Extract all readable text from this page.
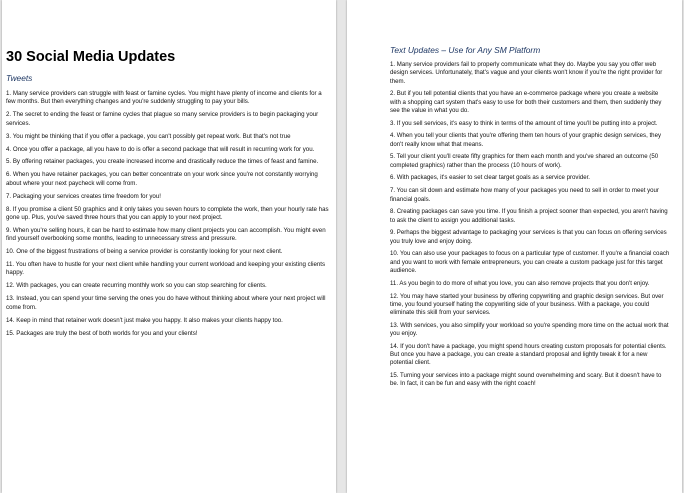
30 Social Media Updates
Tweets

1. Many service providers can struggle with feast or famine cycles. You might have plenty of income and clients for a few months. But then everything changes and you're suddenly struggling to pay your bills.

2. The secret to ending the feast or famine cycles that plague so many service providers is to begin packaging your services.

3. You might be thinking that if you offer a package, you can't possibly get repeat work. But that's not true

4. Once you offer a package, all you have to do is offer a second package that will result in recurring work for you.

5. By offering retainer packages, you create increased income and drastically reduce the times of feast and famine.

6. When you have retainer packages, you can better concentrate on your work since you're not constantly worrying about where your next paycheck will come from.

7. Packaging your services creates time freedom for you!

8. If you promise a client 50 graphics and it only takes you seven hours to complete the work, then your hourly rate has gone up. Plus, you've saved three hours that you can apply to your next project.

9. When you're selling hours, it can be hard to estimate how many client projects you can accomplish. You might even find yourself overbooking some months, leading to unnecessary stress and pressure.

10. One of the biggest frustrations of being a service provider is constantly looking for your next client.

11. You often have to hustle for your next client while handling your current workload and keeping your existing clients happy.

12. With packages, you can create recurring monthly work so you can stop searching for clients.

13. Instead, you can spend your time serving the ones you do have without thinking about where your next project will come from.

14. Keep in mind that retainer work doesn't just make you happy. It also makes your clients happy too.

15. Packages are truly the best of both worlds for you and your clients!

Text Updates – Use for Any SM Platform

1. Many service providers fail to properly communicate what they do. Maybe you say you offer web design services. Unfortunately, that's vague and your clients won't know if you're the right provider for them.

2. But if you tell potential clients that you have an e-commerce package where you create a website with a shopping cart system that's easy to use for both their customers and them, then suddenly they see the value in what you do.

3. If you sell services, it's easy to think in terms of the amount of time you'll be putting into a project.

4. When you tell your clients that you're offering them ten hours of your graphic design services, they don't really know what that means.

5. Tell your client you'll create fifty graphics for them each month and you've shared an outcome (50 completed graphics) rather than the process (10 hours of work).

6. With packages, it's easier to set clear target goals as a service provider.

7. You can sit down and estimate how many of your packages you need to sell in order to meet your financial goals.

8. Creating packages can save you time. If you finish a project sooner than expected, you aren't having to ask the client to assign you additional tasks.

9. Perhaps the biggest advantage to packaging your services is that you can focus on offering services you truly love and enjoy doing.

10. You can also use your packages to focus on a particular type of customer. If you're a financial coach and you want to work with female entrepreneurs, you can create a custom package just for this target audience.

11. As you begin to do more of what you love, you can also remove projects that you don't enjoy.

12. You may have started your business by offering copywriting and graphic design services. But over time, you found yourself hating the copywriting side of your business. With a package, you could eliminate this skill from your services.

13. With services, you also simplify your workload so you're spending more time on the actual work that you enjoy.

14. If you don't have a package, you might spend hours creating custom proposals for potential clients. But once you have a package, you can create a standard proposal and lightly tweak it for a new potential client.

15. Turning your services into a package might sound overwhelming and scary. But it doesn't have to be. In fact, it can be fun and easy with the right coach!
